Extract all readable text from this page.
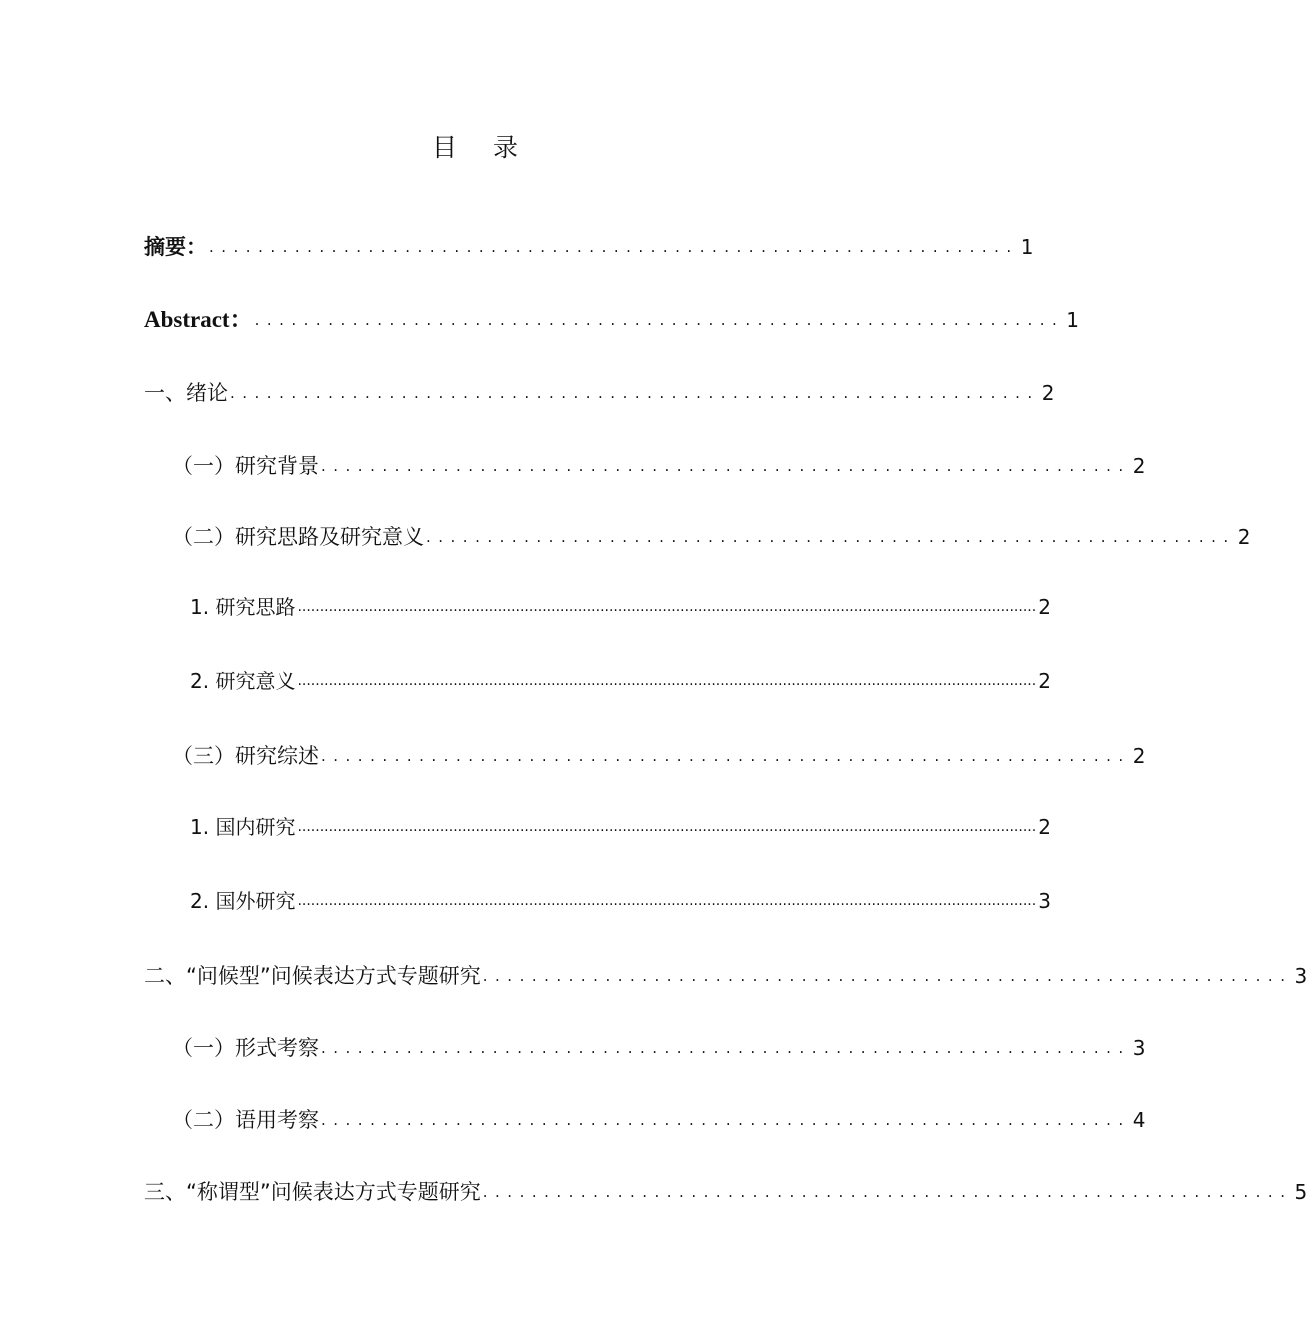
目 录
摘要： .................................................................. 1
Abstract： .................................................................. 1
一、绪论 .................................................................. 2
（一）研究背景 .................................................................. 2
（二）研究思路及研究意义 .................................................................. 2
1. 研究思路 ...................................................................................................................................................................... 2
2. 研究意义 ...................................................................................................................................................................... 2
（三）研究综述 .................................................................. 2
1. 国内研究 ...................................................................................................................................................................... 2
2. 国外研究 ...................................................................................................................................................................... 3
二、“问候型”问候表达方式专题研究 .................................................................. 3
（一）形式考察 .................................................................. 3
（二）语用考察 .................................................................. 4
三、“称谓型”问候表达方式专题研究 .................................................................. 5
